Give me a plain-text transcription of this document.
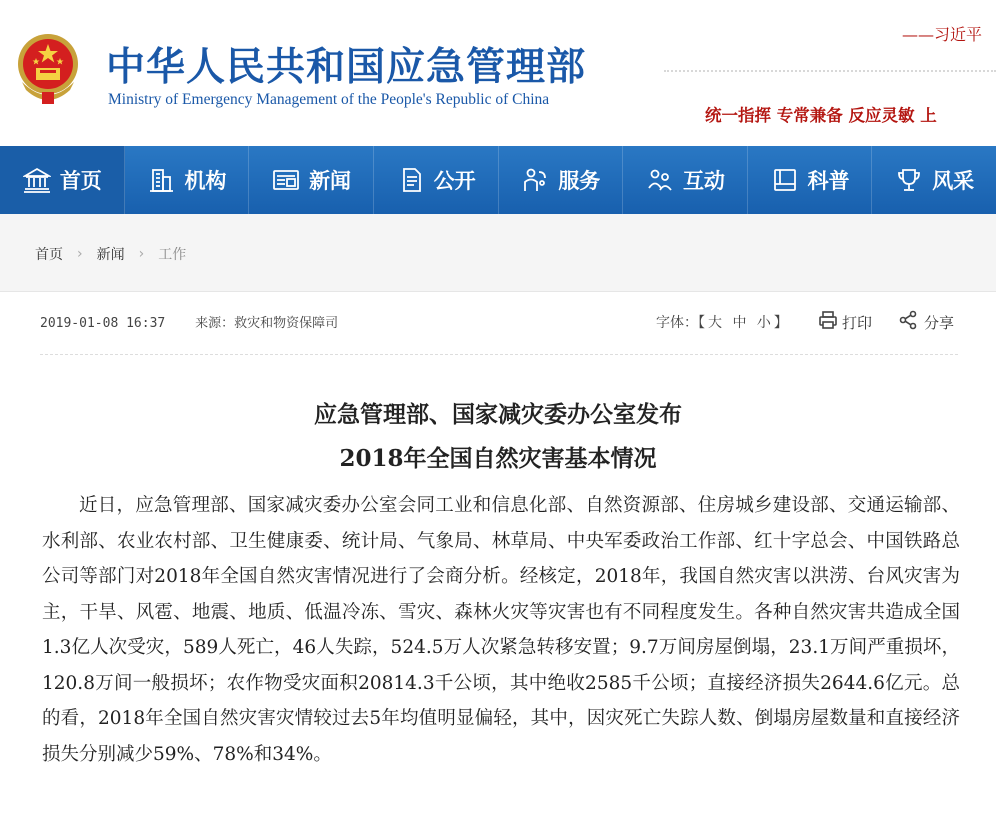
中华人民共和国应急管理部
Ministry of Emergency Management of the People's Republic of China
——习近平
统一指挥 专常兼备 反应灵敏 上
首页	机构	新闻	公开	服务	互动	科普	风采
首页 › 新闻 › 工作
2019-01-08 16:37 来源：救灾和物资保障司	字体：【 大 中 小 】	打印	分享
应急管理部、国家减灾委办公室发布
2018年全国自然灾害基本情况
近日，应急管理部、国家减灾委办公室会同工业和信息化部、自然资源部、住房城乡建设部、交通运输部、水利部、农业农村部、卫生健康委、统计局、气象局、林草局、中央军委政治工作部、红十字总会、中国铁路总公司等部门对2018年全国自然灾害情况进行了会商分析。经核定，2018年，我国自然灾害以洪涝、台风灾害为主，干旱、风雹、地震、地质、低温冷冻、雪灾、森林火灾等灾害也有不同程度发生。各种自然灾害共造成全国1.3亿人次受灾，589人死亡，46人失踪，524.5万人次紧急转移安置；9.7万间房屋倒塌，23.1万间严重损坏，120.8万间一般损坏；农作物受灾面积20814.3千公顷，其中绝收2585千公顷；直接经济损失2644.6亿元。总的看，2018年全国自然灾害灾情较过去5年均值明显偏轻，其中，因灾死亡失踪人数、倒塌房屋数量和直接经济损失分别减少59%、78%和34%。
